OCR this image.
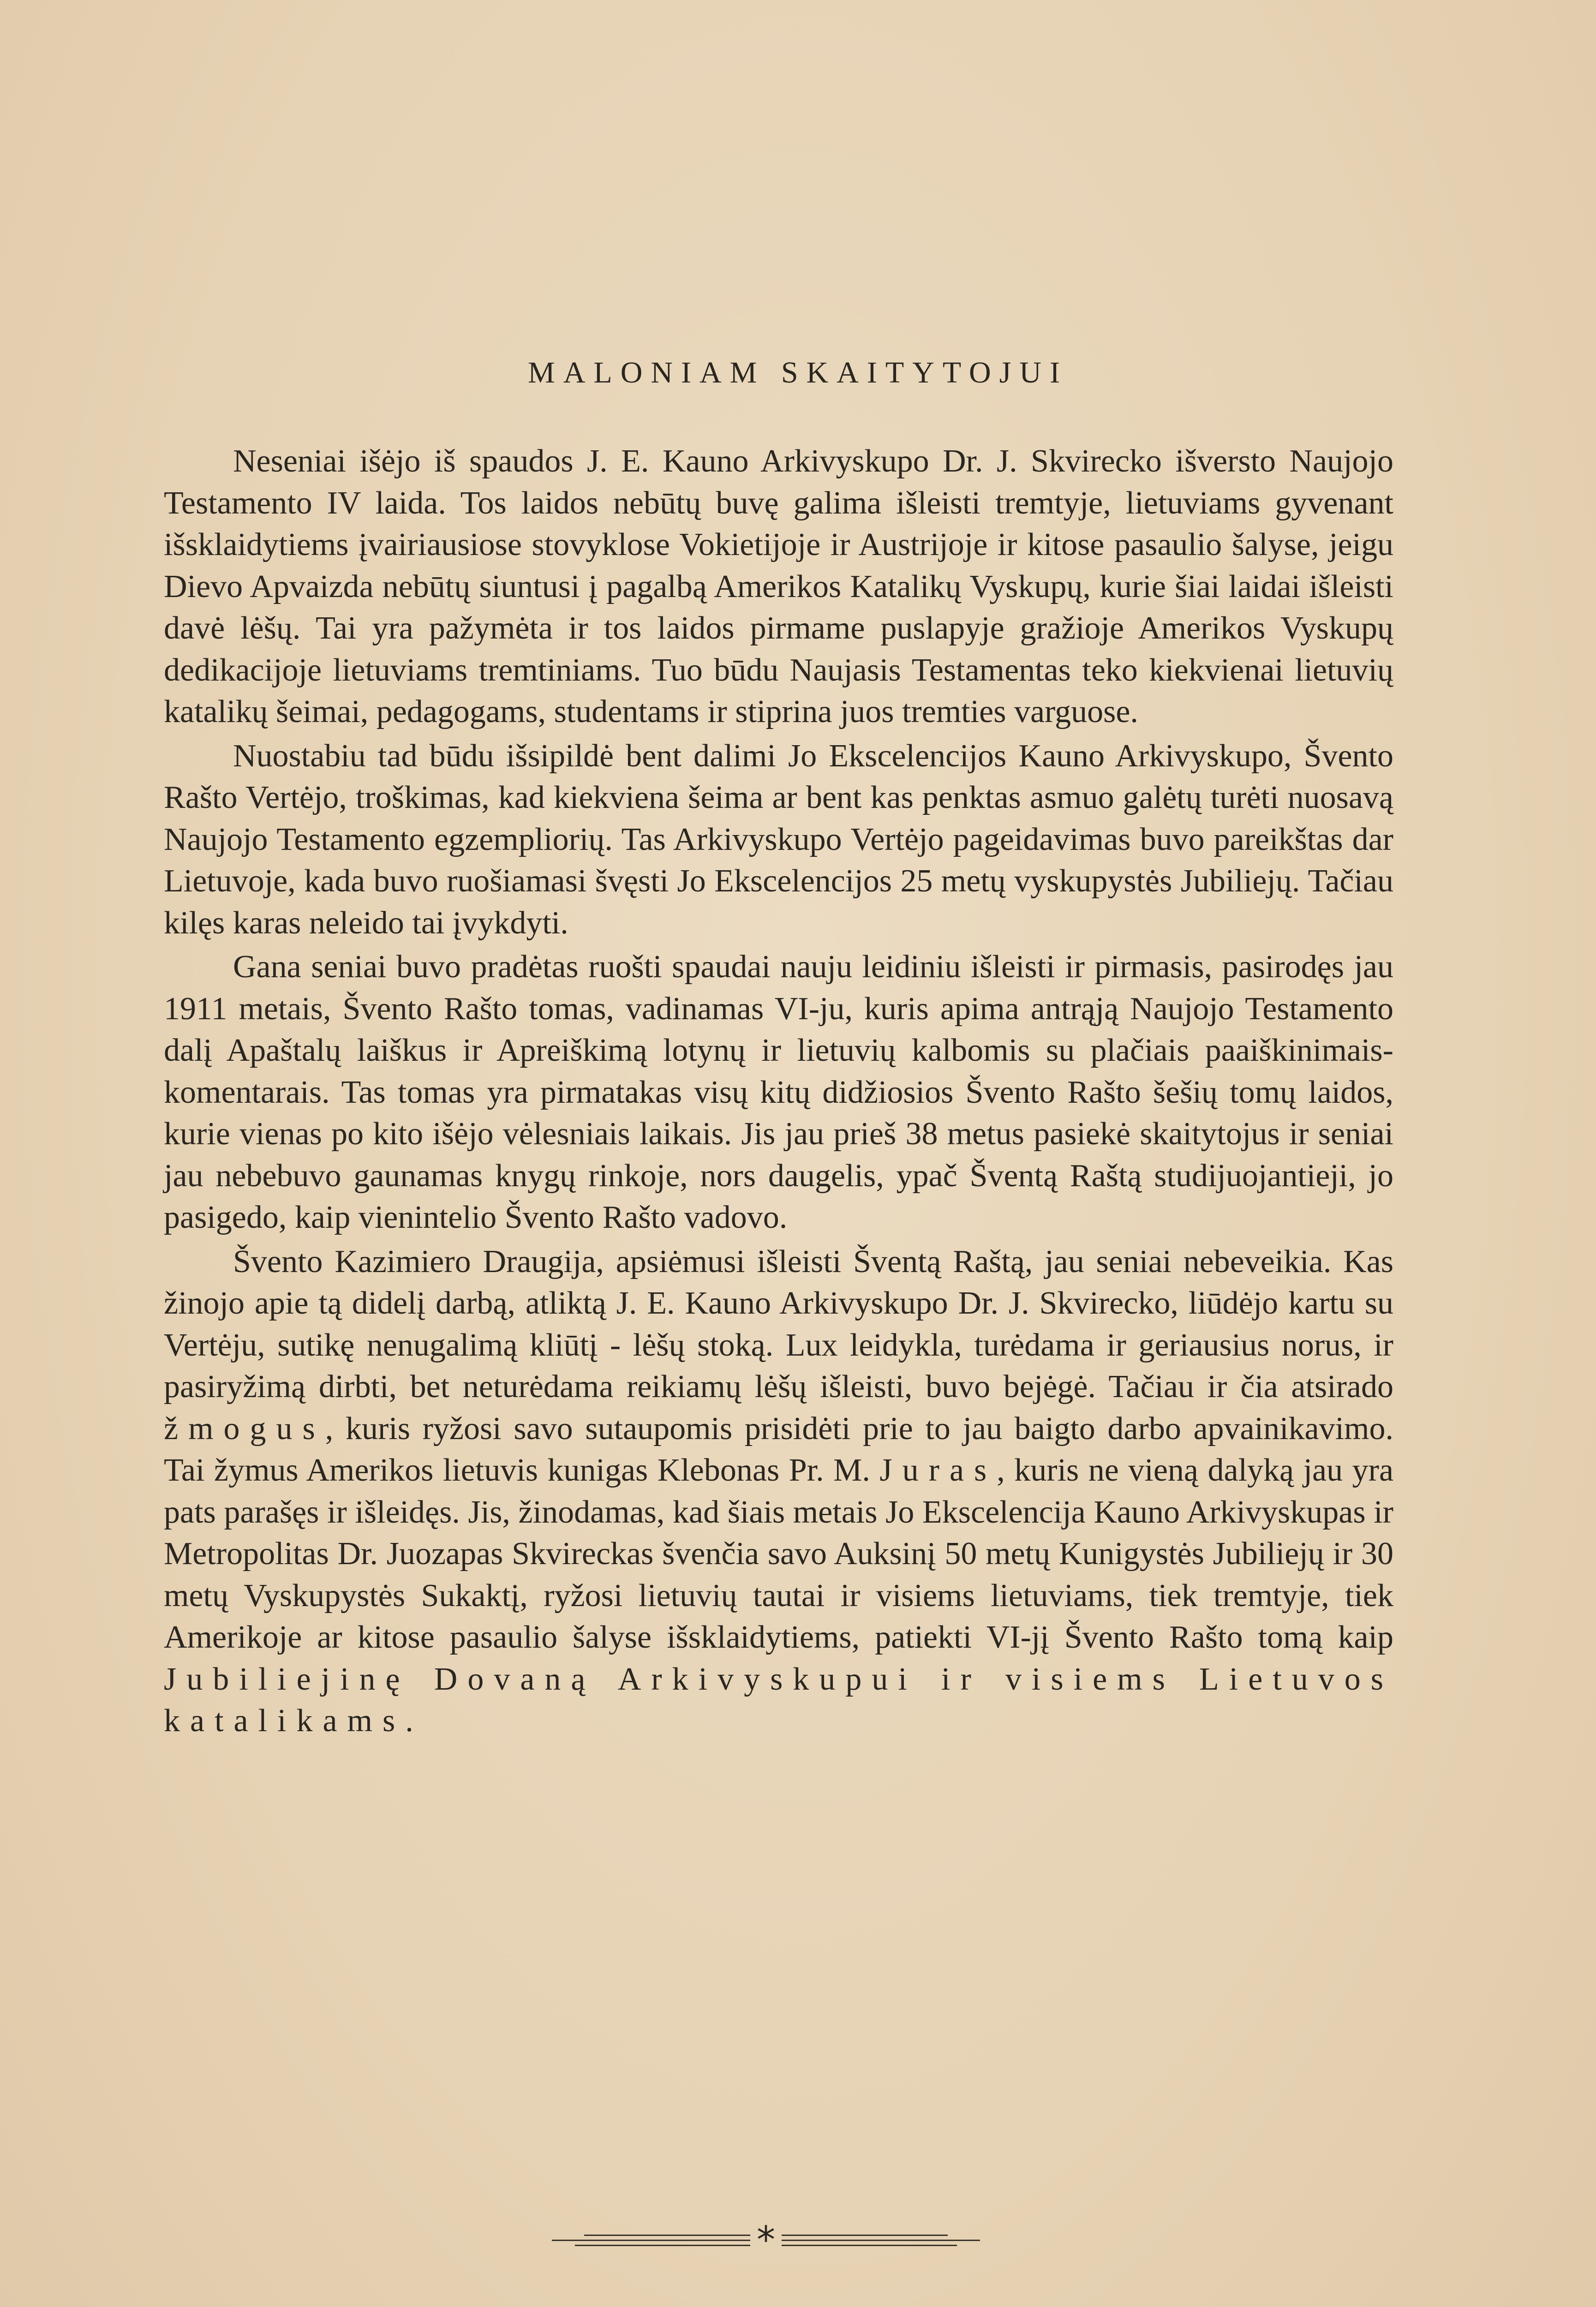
MALONIAM SKAITYTOJUI

Neseniai išėjo iš spaudos J. E. Kauno Arkivyskupo Dr. J. Skvirecko išversto Naujojo Testamento IV laida. Tos laidos nebūtų buvę galima išleisti tremtyje, lietuviams gyvenant išsklaidytiems įvairiausiose stovyklose Vokietijoje ir Austrijoje ir kitose pasaulio šalyse, jeigu Dievo Apvaizda nebūtų siuntusi į pagalbą Amerikos Katalikų Vyskupų, kurie šiai laidai išleisti davė lėšų. Tai yra pažymėta ir tos laidos pirmame puslapyje gražioje Amerikos Vyskupų dedikacijoje lietuviams tremtiniams. Tuo būdu Naujasis Testamentas teko kiekvienai lietuvių katalikų šeimai, pedagogams, studentams ir stiprina juos tremties varguose.

Nuostabiu tad būdu išsipildė bent dalimi Jo Ekscelencijos Kauno Arkivyskupo, Švento Rašto Vertėjo, troškimas, kad kiekviena šeima ar bent kas penktas asmuo galėtų turėti nuosavą Naujojo Testamento egzempliorių. Tas Arkivyskupo Vertėjo pageidavimas buvo pareikštas dar Lietuvoje, kada buvo ruošiamasi švęsti Jo Ekscelencijos 25 metų vyskupystės Jubiliejų. Tačiau kilęs karas neleido tai įvykdyti.

Gana seniai buvo pradėtas ruošti spaudai nauju leidiniu išleisti ir pirmasis, pasirodęs jau 1911 metais, Švento Rašto tomas, vadinamas VI-ju, kuris apima antrąją Naujojo Testamento dalį Apaštalų laiškus ir Apreiškimą lotynų ir lietuvių kalbomis su plačiais paaiškinimais-komentarais. Tas tomas yra pirmatakas visų kitų didžiosios Švento Rašto šešių tomų laidos, kurie vienas po kito išėjo vėlesniais laikais. Jis jau prieš 38 metus pasiekė skaitytojus ir seniai jau nebebuvo gaunamas knygų rinkoje, nors daugelis, ypač Šventą Raštą studijuojantieji, jo pasigedo, kaip vienintelio Švento Rašto vadovo.

Švento Kazimiero Draugija, apsiėmusi išleisti Šventą Raštą, jau seniai nebeveikia. Kas žinojo apie tą didelį darbą, atliktą J. E. Kauno Arkivyskupo Dr. J. Skvirecko, liūdėjo kartu su Vertėju, sutikę nenugalimą kliūtį - lėšų stoką. Lux leidykla, turėdama ir geriausius norus, ir pasiryžimą dirbti, bet neturėdama reikiamų lėšų išleisti, buvo bejėgė. Tačiau ir čia atsirado žmogus, kuris ryžosi savo sutaupomis prisidėti prie to jau baigto darbo apvainikavimo. Tai žymus Amerikos lietuvis kunigas Klebonas Pr. M. Juras, kuris ne vieną dalyką jau yra pats parašęs ir išleidęs. Jis, žinodamas, kad šiais metais Jo Ekscelencija Kauno Arkivyskupas ir Metropolitas Dr. Juozapas Skvireckas švenčia savo Auksinį 50 metų Kunigystės Jubiliejų ir 30 metų Vyskupystės Sukaktį, ryžosi lietuvių tautai ir visiems lietuviams, tiek tremtyje, tiek Amerikoje ar kitose pasaulio šalyse išsklaidytiems, patiekti VI-jį Švento Rašto tomą kaip Jubiliejinę Dovaną Arkivyskupui ir visiems Lietuvos katalikams.

*
